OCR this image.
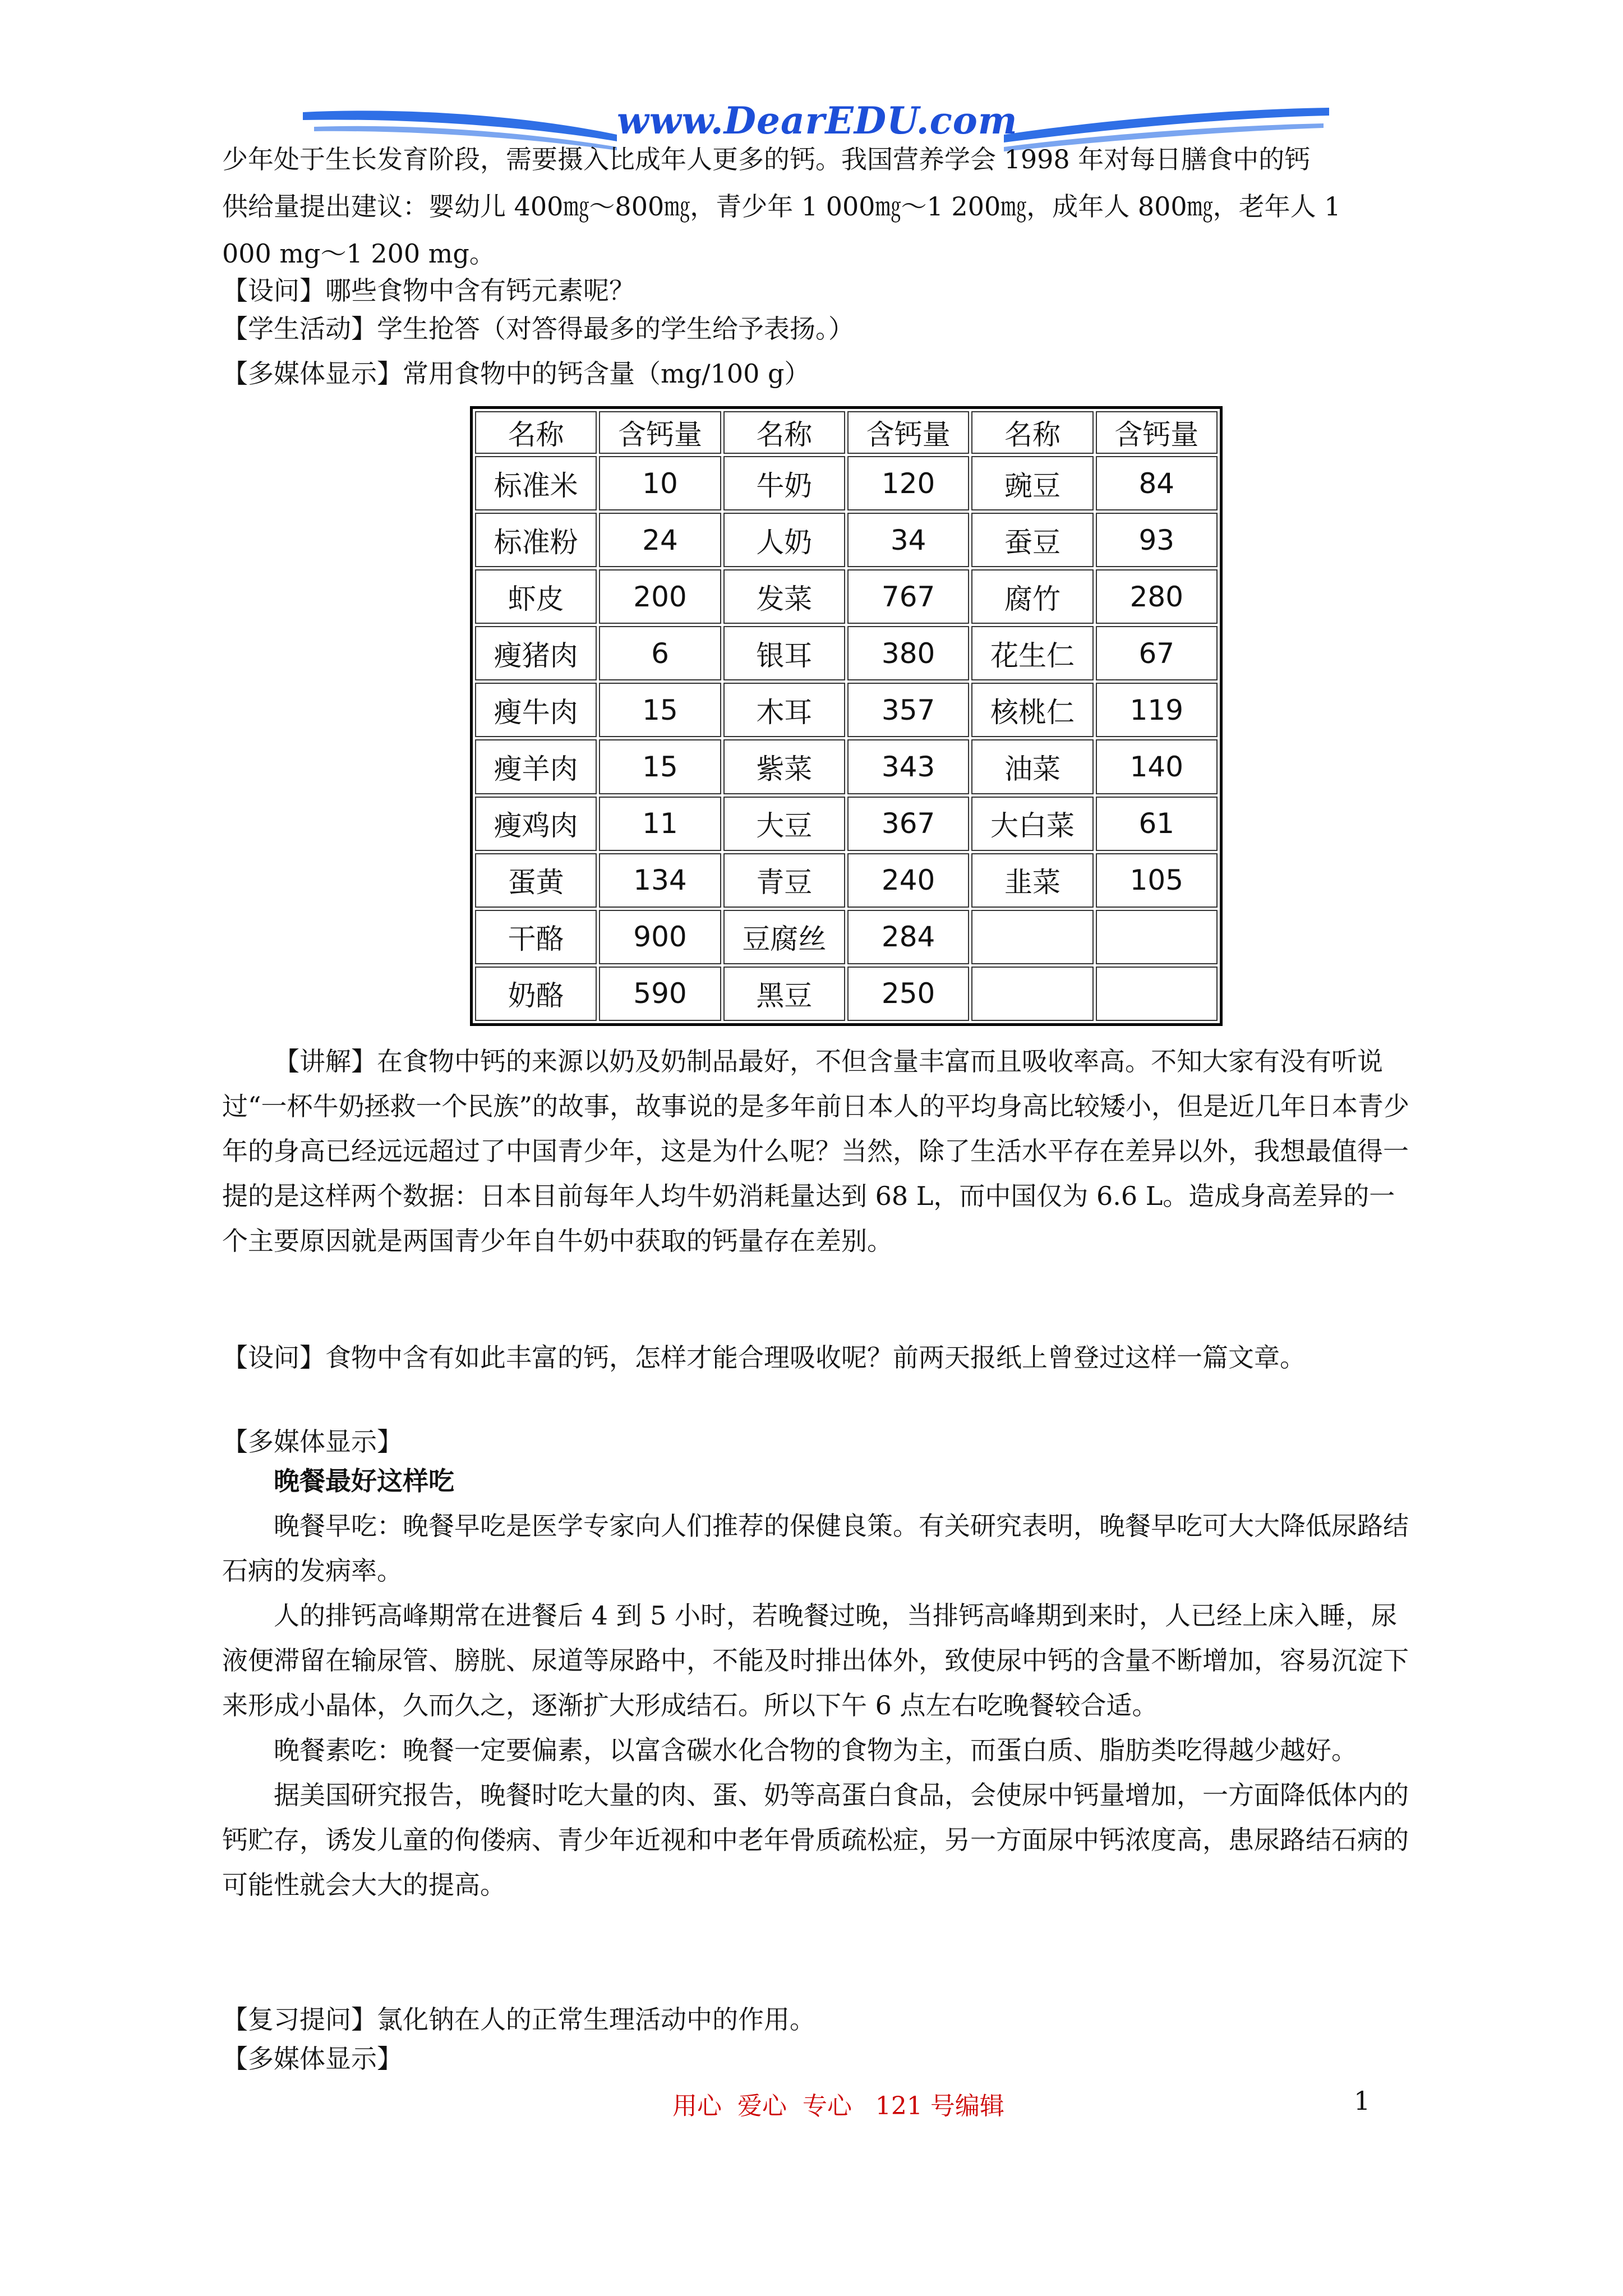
www.DearEDU.com
少年处于生长发育阶段，需要摄入比成年人更多的钙。我国营养学会 1998 年对每日膳食中的钙
供给量提出建议：婴幼儿 400㎎～800㎎，青少年 1 000㎎～1 200㎎，成年人 800㎎，老年人 1
000 mg～1 200 mg。
【设问】哪些食物中含有钙元素呢？
【学生活动】学生抢答（对答得最多的学生给予表扬。）
【多媒体显示】常用食物中的钙含量（mg/100 g）
名称	含钙量	名称	含钙量	名称	含钙量
标准米	10	牛奶	120	豌豆	84
标准粉	24	人奶	34	蚕豆	93
虾皮	200	发菜	767	腐竹	280
瘦猪肉	6	银耳	380	花生仁	67
瘦牛肉	15	木耳	357	核桃仁	119
瘦羊肉	15	紫菜	343	油菜	140
瘦鸡肉	11	大豆	367	大白菜	61
蛋黄	134	青豆	240	韭菜	105
干酪	900	豆腐丝	284		
奶酪	590	黑豆	250		

【讲解】在食物中钙的来源以奶及奶制品最好，不但含量丰富而且吸收率高。不知大家有没有听说过“一杯牛奶拯救一个民族”的故事，故事说的是多年前日本人的平均身高比较矮小，但是近几年日本青少年的身高已经远远超过了中国青少年，这是为什么呢？当然，除了生活水平存在差异以外，我想最值得一提的是这样两个数据：日本目前每年人均牛奶消耗量达到 68 L，而中国仅为 6.6 L。造成身高差异的一个主要原因就是两国青少年自牛奶中获取的钙量存在差别。

【设问】食物中含有如此丰富的钙，怎样才能合理吸收呢？前两天报纸上曾登过这样一篇文章。
【多媒体显示】

晚餐最好这样吃

晚餐早吃：晚餐早吃是医学专家向人们推荐的保健良策。有关研究表明，晚餐早吃可大大降低尿路结石病的发病率。

人的排钙高峰期常在进餐后 4 到 5 小时，若晚餐过晚，当排钙高峰期到来时，人已经上床入睡，尿液便滞留在输尿管、膀胱、尿道等尿路中，不能及时排出体外，致使尿中钙的含量不断增加，容易沉淀下来形成小晶体，久而久之，逐渐扩大形成结石。所以下午 6 点左右吃晚餐较合适。

晚餐素吃：晚餐一定要偏素，以富含碳水化合物的食物为主，而蛋白质、脂肪类吃得越少越好。

据美国研究报告，晚餐时吃大量的肉、蛋、奶等高蛋白食品，会使尿中钙量增加，一方面降低体内的钙贮存，诱发儿童的佝偻病、青少年近视和中老年骨质疏松症，另一方面尿中钙浓度高，患尿路结石病的可能性就会大大的提高。

【复习提问】氯化钠在人的正常生理活动中的作用。
【多媒体显示】
用心  爱心  专心   121 号编辑	1
